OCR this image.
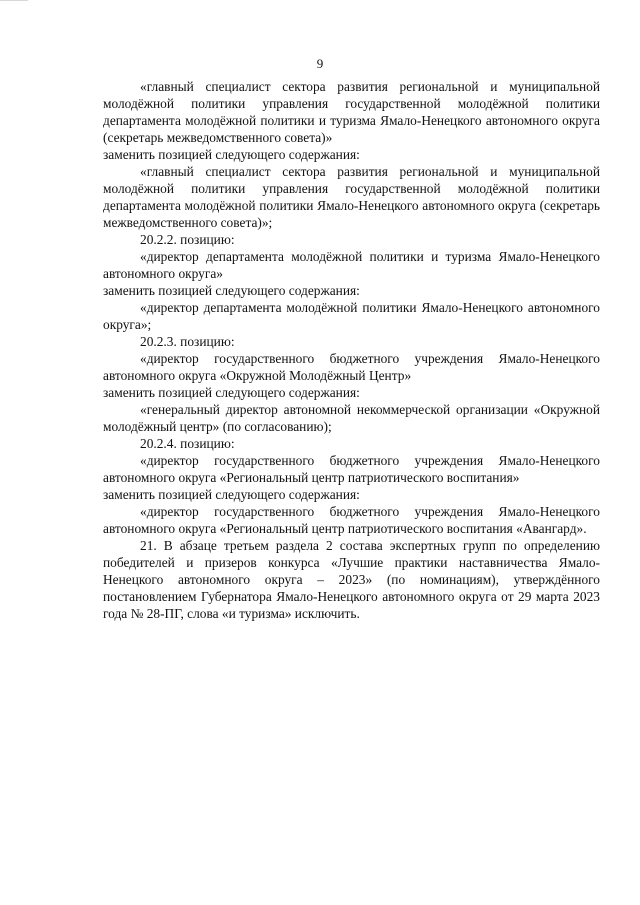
9

«главный специалист сектора развития региональной и муниципальной молодёжной политики управления государственной молодёжной политики департамента молодёжной политики и туризма Ямало-Ненецкого автономного округа (секретарь межведомственного совета)»

заменить позицией следующего содержания:

«главный специалист сектора развития региональной и муниципальной молодёжной политики управления государственной молодёжной политики департамента молодёжной политики Ямало-Ненецкого автономного округа (секретарь межведомственного совета)»;

20.2.2. позицию:

«директор департамента молодёжной политики и туризма Ямало-Ненецкого автономного округа»

заменить позицией следующего содержания:

«директор департамента молодёжной политики Ямало-Ненецкого автономного округа»;

20.2.3. позицию:

«директор государственного бюджетного учреждения Ямало-Ненецкого автономного округа «Окружной Молодёжный Центр»

заменить позицией следующего содержания:

«генеральный директор автономной некоммерческой организации «Окружной молодёжный центр» (по согласованию);

20.2.4. позицию:

«директор государственного бюджетного учреждения Ямало-Ненецкого автономного округа «Региональный центр патриотического воспитания»

заменить позицией следующего содержания:

«директор государственного бюджетного учреждения Ямало-Ненецкого автономного округа «Региональный центр патриотического воспитания «Авангард».

21. В абзаце третьем раздела 2 состава экспертных групп по определению победителей и призеров конкурса «Лучшие практики наставничества Ямало-Ненецкого автономного округа – 2023» (по номинациям), утверждённого постановлением Губернатора Ямало-Ненецкого автономного округа от 29 марта 2023 года № 28-ПГ, слова «и туризма» исключить.
